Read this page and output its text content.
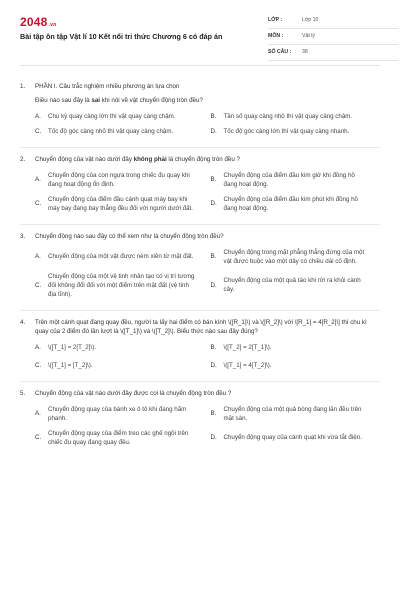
2048.vn
Bài tập ôn tập Vật lí 10 Kết nối tri thức Chương 6 có đáp án
LỚP :	Lớp 10
MÔN :	Vật lý
SỐ CÂU :	38
1.	PHẦN I. Câu trắc nghiệm nhiều phương án lựa chọn
Điều nào sau đây là sai khi nói về vật chuyển động tròn đều?
A.	Chu kỳ quay càng lớn thì vật quay càng chậm.	B.	Tần số quay càng nhỏ thì vật quay càng chậm.
C.	Tốc độ góc càng nhỏ thì vật quay càng chậm.	D.	Tốc độ góc càng lớn thì vật quay càng nhanh.
2.	Chuyển động của vật nào dưới đây không phải là chuyển động tròn đều ?
A.
Chuyển động của con ngựa trong chiếc đu quay khi đang hoạt động ổn định.
B.
Chuyển động của điểm đầu kim giờ khi đồng hồ đang hoạt động.
C.
Chuyển động của điểm đầu cánh quạt máy bay khi máy bay đang bay thẳng đều đối với người dưới đất.
D.
Chuyển động của điểm đầu kim phút khi đồng hồ đang hoạt động.
3.	Chuyển động nào sau đây có thể xem như là chuyển động tròn đều?
A.	Chuyển động của một vật được ném xiên từ mặt đất.	B.
Chuyển động trong mặt phẳng thẳng đứng của một vật được buộc vào một dây có chiều dài cố định.
C.
Chuyển động của một vệ tinh nhân tạo có vị trí tương đối không đổi đối với một điểm trên mặt đất (vệ tinh địa tĩnh).
D.
Chuyển động của một quả táo khi rời ra khỏi cành cây.
4.	Trên một cánh quạt đang quay đều, người ta lấy hai điểm có bán kính \([R_1]\) và \([R_2]\) với \[R_1] = 4[R_2]\] thì chu kì quay của 2 điểm đó lần lượt là \([T_1]\) và \([T_2]\). Biểu thức nào sau đây đúng?
A.	\([T_1] = 2[T_2]\).	B.	\([T_2] = 2[T_1]\).
C.	\([T_1] = [T_2]\).	D.	\([T_1] = 4[T_2]\).
5.	Chuyển động của vật nào dưới đây được coi là chuyển động tròn đều ?
A.
Chuyển động quay của bánh xe ô tô khi đang hãm phanh.
B.
Chuyển động của một quả bóng đang lăn đều trên mặt sàn.
C.
Chuyển động quay của điểm treo các ghế ngồi trên chiếc đu quay đang quay đều.
D.	Chuyển động quay của cánh quạt khi vừa tắt điện.
